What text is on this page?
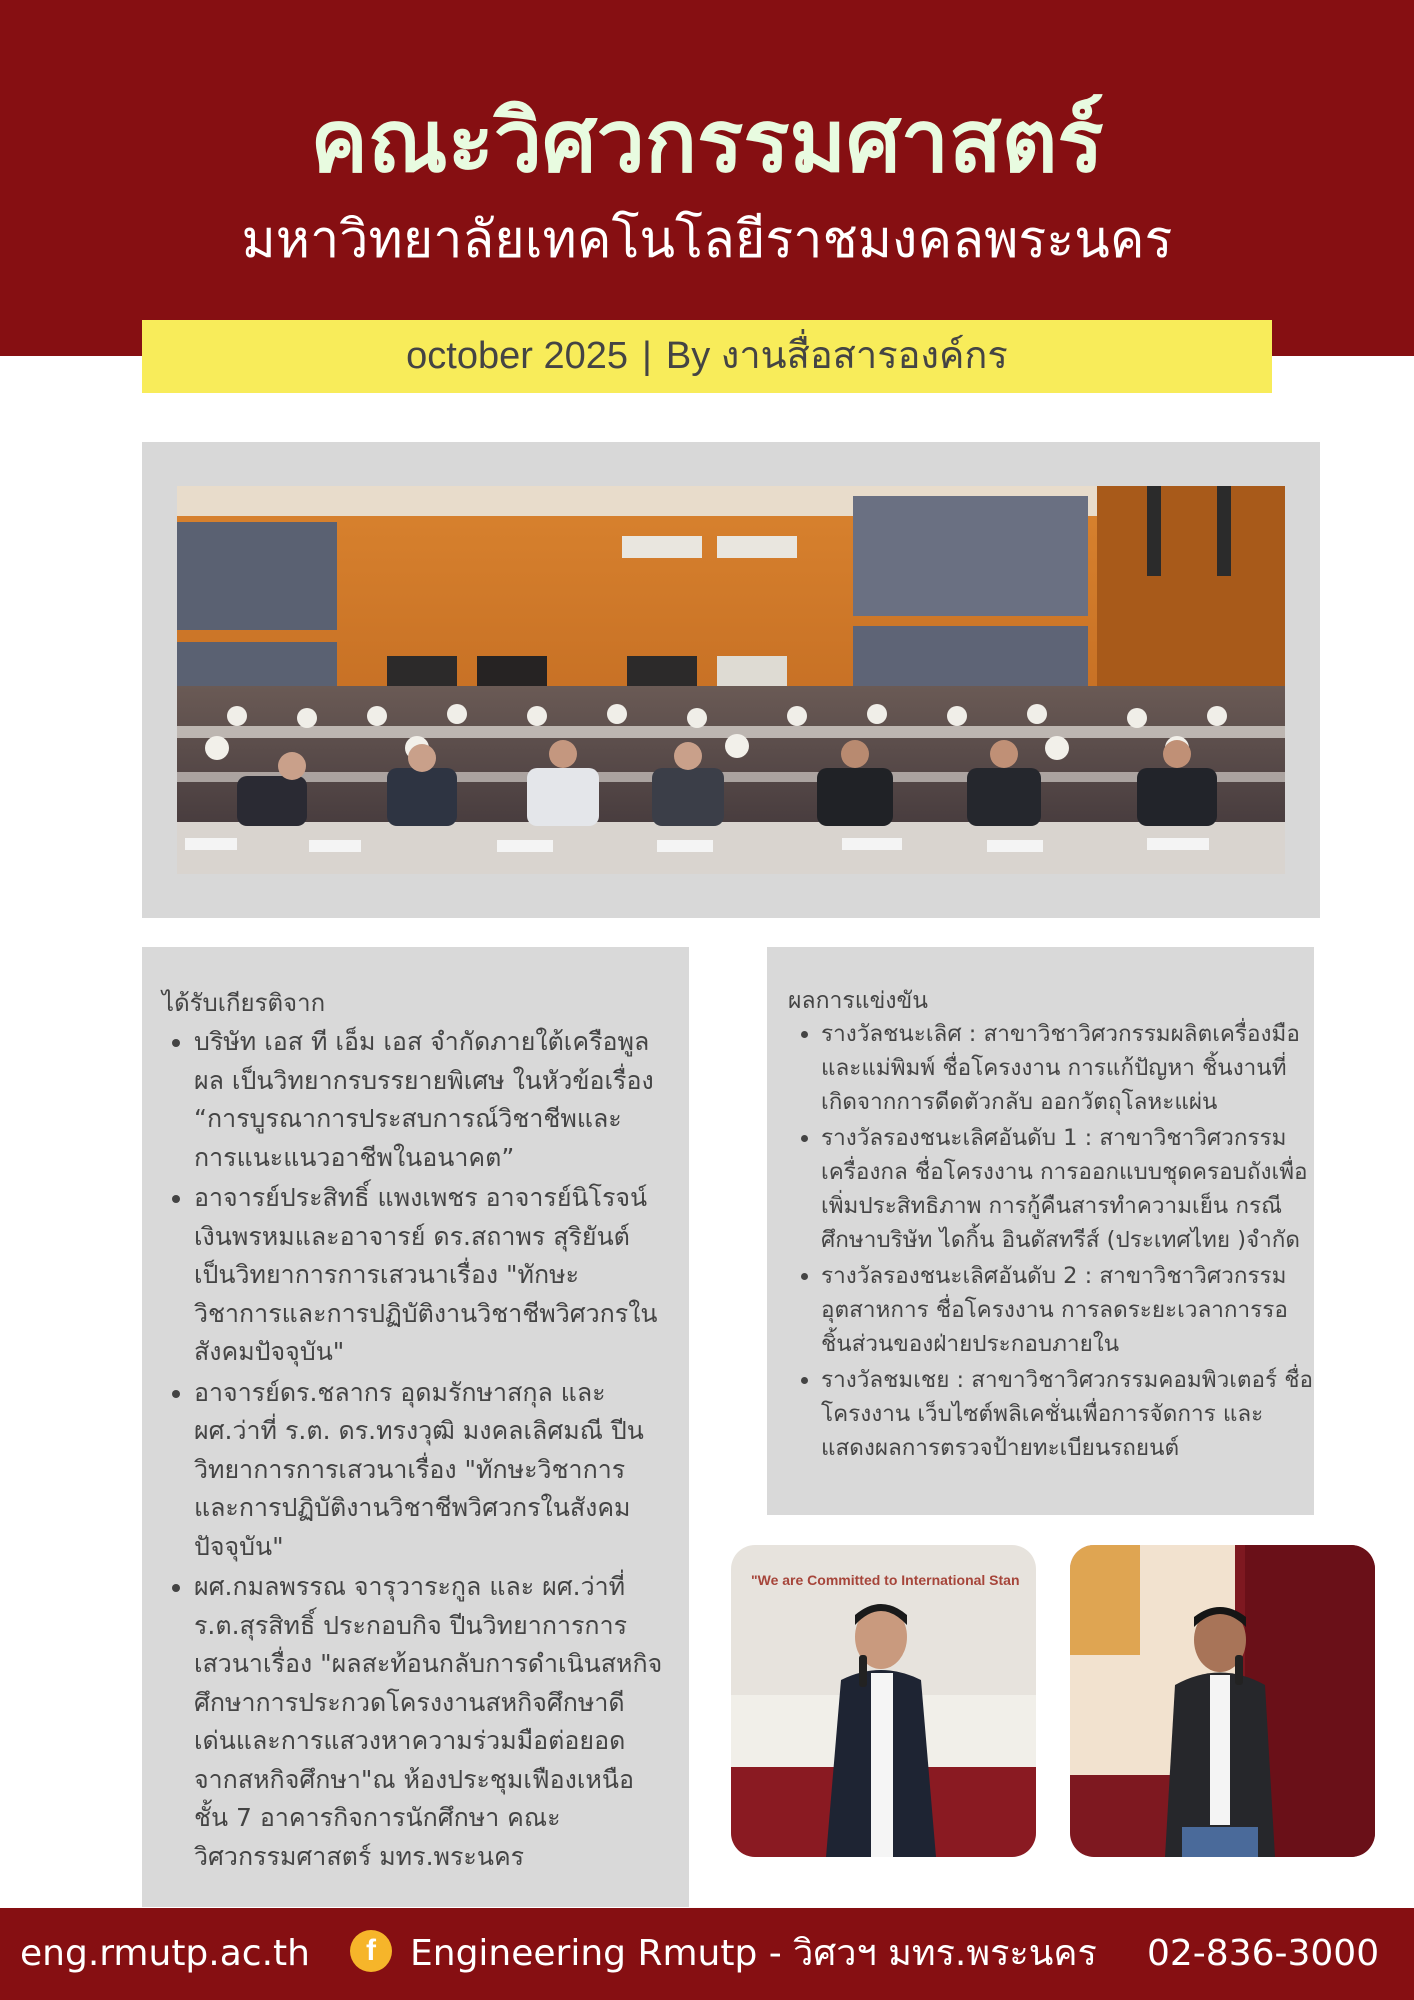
คณะวิศวกรรมศาสตร์
มหาวิทยาลัยเทคโนโลยีราชมงคลพระนคร
october 2025 | By งานสื่อสารองค์กร
ได้รับเกียรติจาก
• บริษัท เอส ที เอ็ม เอส จำกัดภายใต้เครือพูลผล เป็นวิทยากรบรรยายพิเศษ ในหัวข้อเรื่อง “การบูรณาการประสบการณ์วิชาชีพและการแนะแนวอาชีพในอนาคต”
• อาจารย์ประสิทธิ์ แพงเพชร อาจารย์นิโรจน์ เงินพรหมและอาจารย์ ดร.สถาพร สุริยันต์ เป็นวิทยาการการเสวนาเรื่อง "ทักษะวิชาการและการปฏิบัติงานวิชาชีพวิศวกรในสังคมปัจจุบัน"
• อาจารย์ดร.ชลากร อุดมรักษาสกุล และ ผศ.ว่าที่ ร.ต. ดร.ทรงวุฒิ มงคลเลิศมณี ปีนวิทยาการการเสวนาเรื่อง "ทักษะวิชาการและการปฏิบัติงานวิชาชีพวิศวกรในสังคมปัจจุบัน"
• ผศ.กมลพรรณ จารุวาระกูล และ ผศ.ว่าที่ ร.ต.สุรสิทธิ์ ประกอบกิจ ปีนวิทยาการการเสวนาเรื่อง "ผลสะท้อนกลับการดำเนินสหกิจศึกษาการประกวดโครงงานสหกิจศึกษาดีเด่นและการแสวงหาความร่วมมือต่อยอดจากสหกิจศึกษา"ณ ห้องประชุมเฟืองเหนือ ชั้น 7 อาคารกิจการนักศึกษา คณะวิศวกรรมศาสตร์ มทร.พระนคร
ผลการแข่งขัน
• รางวัลชนะเลิศ : สาขาวิชาวิศวกรรมผลิตเครื่องมือและแม่พิมพ์ ชื่อโครงงาน การแก้ปัญหา ชิ้นงานที่เกิดจากการดีดตัวกลับ ออกวัตถุโลหะแผ่น
• รางวัลรองชนะเลิศอันดับ 1 : สาขาวิชาวิศวกรรมเครื่องกล ชื่อโครงงาน การออกแบบชุดครอบถังเพื่อเพิ่มประสิทธิภาพ การกู้คืนสารทำความเย็น กรณีศึกษาบริษัท ไดกิ้น อินดัสทรีส์ (ประเทศไทย )จำกัด
• รางวัลรองชนะเลิศอันดับ 2 : สาขาวิชาวิศวกรรมอุตสาหการ ชื่อโครงงาน การลดระยะเวลาการรอชิ้นส่วนของฝ่ายประกอบภายใน
• รางวัลชมเชย : สาขาวิชาวิศวกรรมคอมพิวเตอร์ ชื่อโครงงาน เว็บไซต์พลิเคชั่นเพื่อการจัดการ และแสดงผลการตรวจป้ายทะเบียนรถยนต์
"We are Committed to International Stan
eng.rmutp.ac.th	f Engineering Rmutp - วิศวฯ มทร.พระนคร 02-836-3000
